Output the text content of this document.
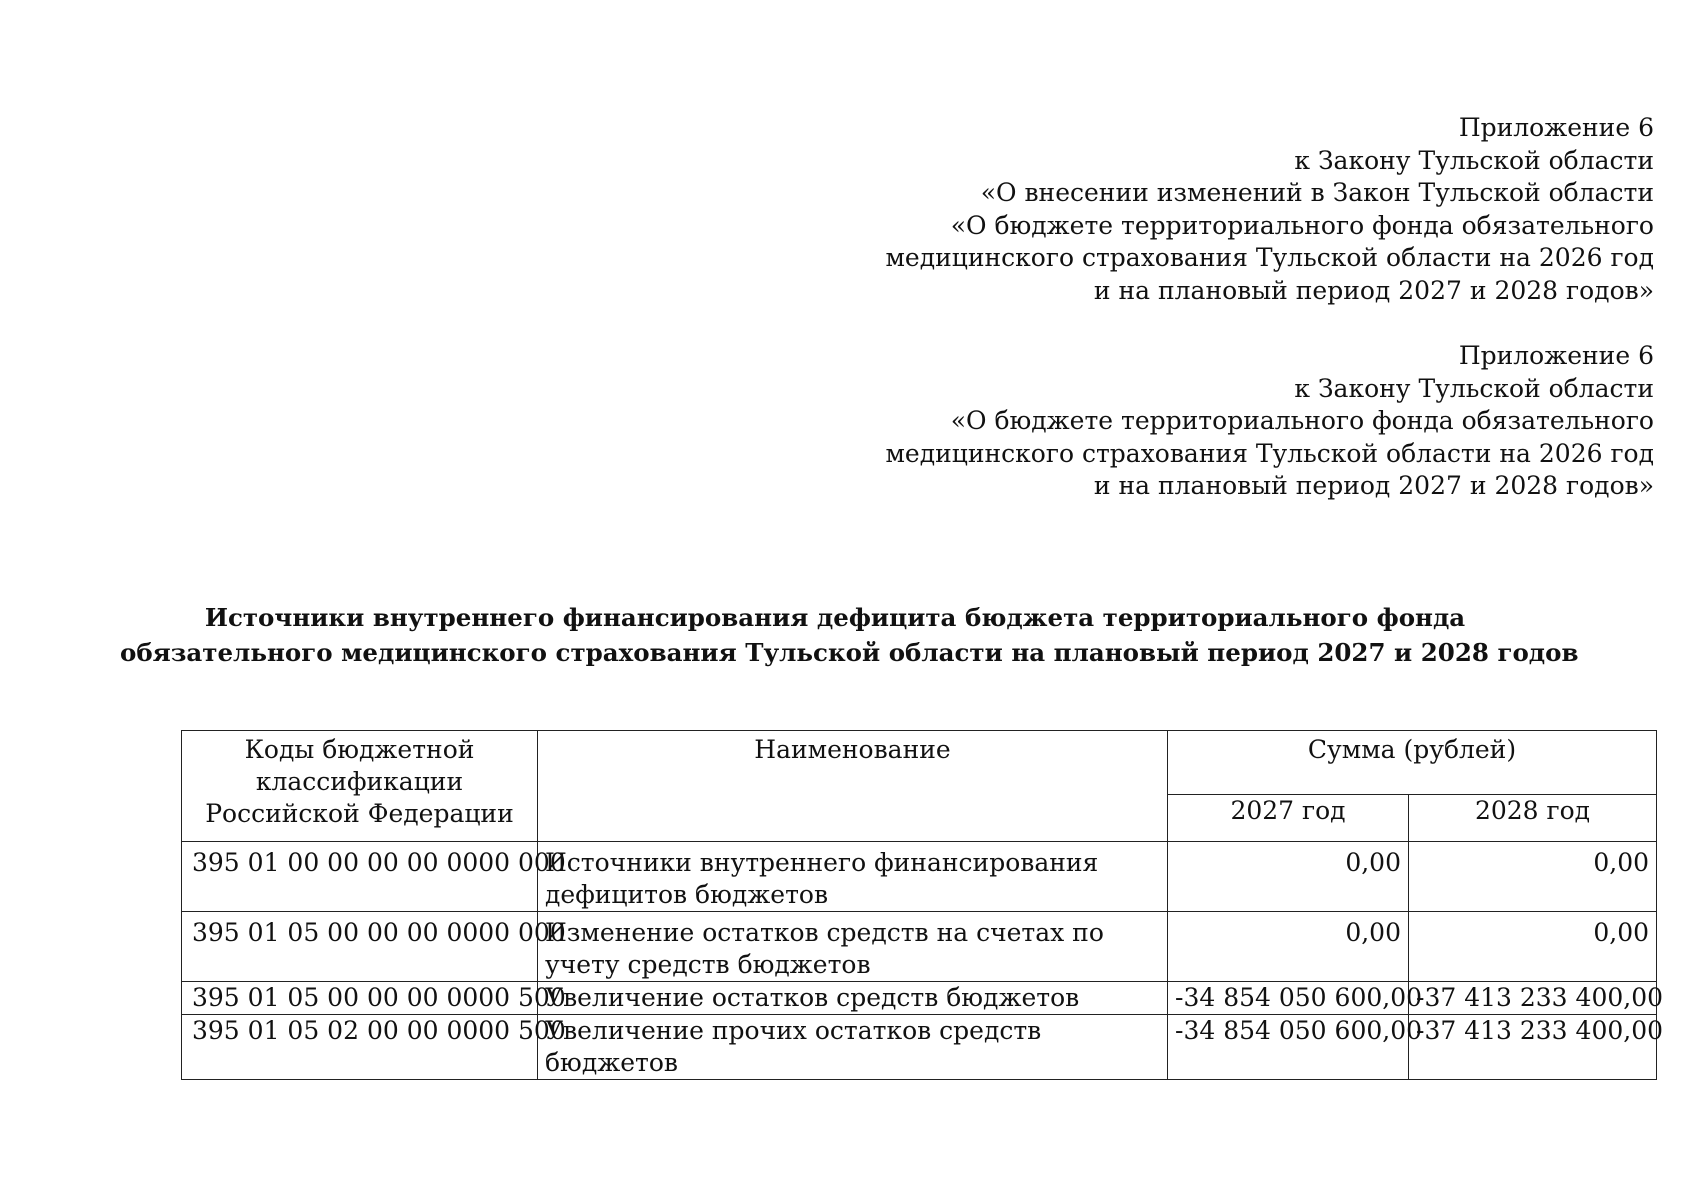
Приложение 6
к Закону Тульской области
«О внесении изменений в Закон Тульской области
«О бюджете территориального фонда обязательного
медицинского страхования Тульской области на 2026 год
и на плановый период 2027 и 2028 годов»
Приложение 6
к Закону Тульской области
«О бюджете территориального фонда обязательного
медицинского страхования Тульской области на 2026 год
и на плановый период 2027 и 2028 годов»
Источники внутреннего финансирования дефицита бюджета территориального фонда
обязательного медицинского страхования Тульской области на плановый период 2027 и 2028 годов
Коды бюджетной классификации Российской Федерации	Наименование	Сумма (рублей)	
		2027 год	2028 год
395 01 00 00 00 00 0000 000	Источники внутреннего финансирования дефицитов бюджетов	0,00	0,00
395 01 05 00 00 00 0000 000	Изменение остатков средств на счетах по учету средств бюджетов	0,00	0,00
395 01 05 00 00 00 0000 500	Увеличение остатков средств бюджетов	-34 854 050 600,00	-37 413 233 400,00
395 01 05 02 00 00 0000 500	Увеличение прочих остатков средств бюджетов	-34 854 050 600,00	-37 413 233 400,00
